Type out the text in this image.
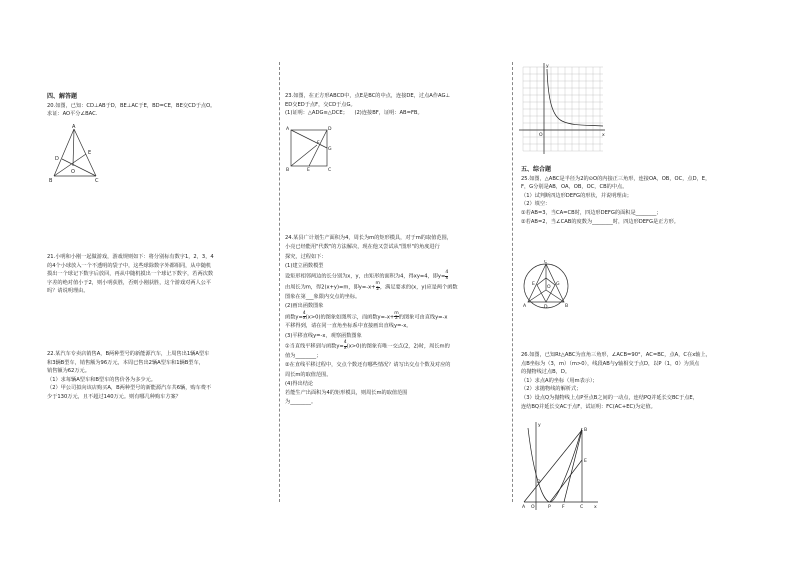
四、解答题

20.如图，已知：CD⊥AB于D，BE⊥AC于E，BD=CE，BE交CD于点O。

求证：AO平分∠BAC.

A
D
E
O
B	C

21.小明和小刚一起做游戏，游戏规则如下：将分别标有数字1，2，3，4

的4个小球放入一个不透明的袋子中，这些球除数字外都相同，从中随机

摸出一个球记下数字后放回，再从中随机摸出一个球记下数字，若两次数

字差的绝对值小于2，则小明获胜，否则小刚获胜，这个游戏对两人公平

吗？请说明理由。

22.某汽车专卖店销售A，B两种型号的新能源汽车，上周售出1辆A型车

和3辆B型车，销售额为96万元，本周已售出2辆A型车和1辆B型车，

销售额为62万元。

（1）求每辆A型车和B型车的售价各为多少元。

（2）甲公司拟向该店购买A，B两种型号的新能源汽车共6辆，购车费不

少于130万元，且不超过140万元。则有哪几种购车方案？

23.如图，在正方形ABCD中，点E是BC的中点，连接DE，过点A作AG⊥

ED交ED于点F，交CD于点G。

(1)证明：△ADG≌△DCE；    (2)连接BF，证明：AB=FB。

A	D
G
F
B	E	C

24.某县广计划生产面积为4，周长为m的矩形模具，对于m的取值范围，

小亮已经能用"代数"的方法解决，现在他又尝试从"图形"的角度进行

探究，过程如下：

(1)建立函数模型

设矩形相邻两边的长分别为x，y，由矩形的面积为4，得xy=4，即$y= \frac{4}{x}$

由周长为m，得2(x+y)=m，即$y=-x+ \frac{m}{2}$ ，满足要求的(x，y)应是两个函数

图象在第___象限内交点的坐标。

(2)画出函数图象

函数$y= \frac{4}{x} (x>0)$的图象如图所示，而函数$y=-x+ \frac{m}{2}$ 的图象可由直线y=-x

平移得到，请在同一直角坐标系中直接画出直线y=-x。

(3)平移直线y=-x，观察函数图象

①当直线平移到与函数$y= \frac{4}{x} (x>0)$的图象有唯一交点(2，2)时，周长m的

值为________；

②在直线平移过程中，交点个数还有哪些情况？请写出交点个数及对应的

周长m的取值范围。

(4)得出结论

若能生产出面积为4的矩形模具，则周长m的取值范围

为________。

y
x
O

五、综合题

25.如图，△ABC是半径为2的⊙O的内接正三角形，连接OA，OB，OC，点D，E，

F，G分别是AB，OA，OB，OC，CB的中点。

（1）试判断四边形DEFG的形状，并说明理由；

（2）填空：

①若AB=3，当CA=CB时，四边形DEFG的面积是________；

②若AB=2，当∠CAB的度数为________时，四边形DEFG是正方形。

C
O
E	G
A	D	B

26.如图，已知Rt△ABC为直角三角形，∠ACB=90°，AC=BC，点A，C在x轴上，

点B坐标为（3，m）（m>0），线段AB与y轴相交于点D，以P（1，0）为顶点

的抛物线过点B，D。

（1）求点A的坐标（用m表示）；

（2）求抛物线的解析式；

（3）设点Q为抛物线上点P至点B之间的一动点，连结PQ并延长交BC于点E，

连结BQ并延长交AC于点F，试证明：FC(AC+EC)为定值。

y
B
D
E
F
O	P
A	C x
